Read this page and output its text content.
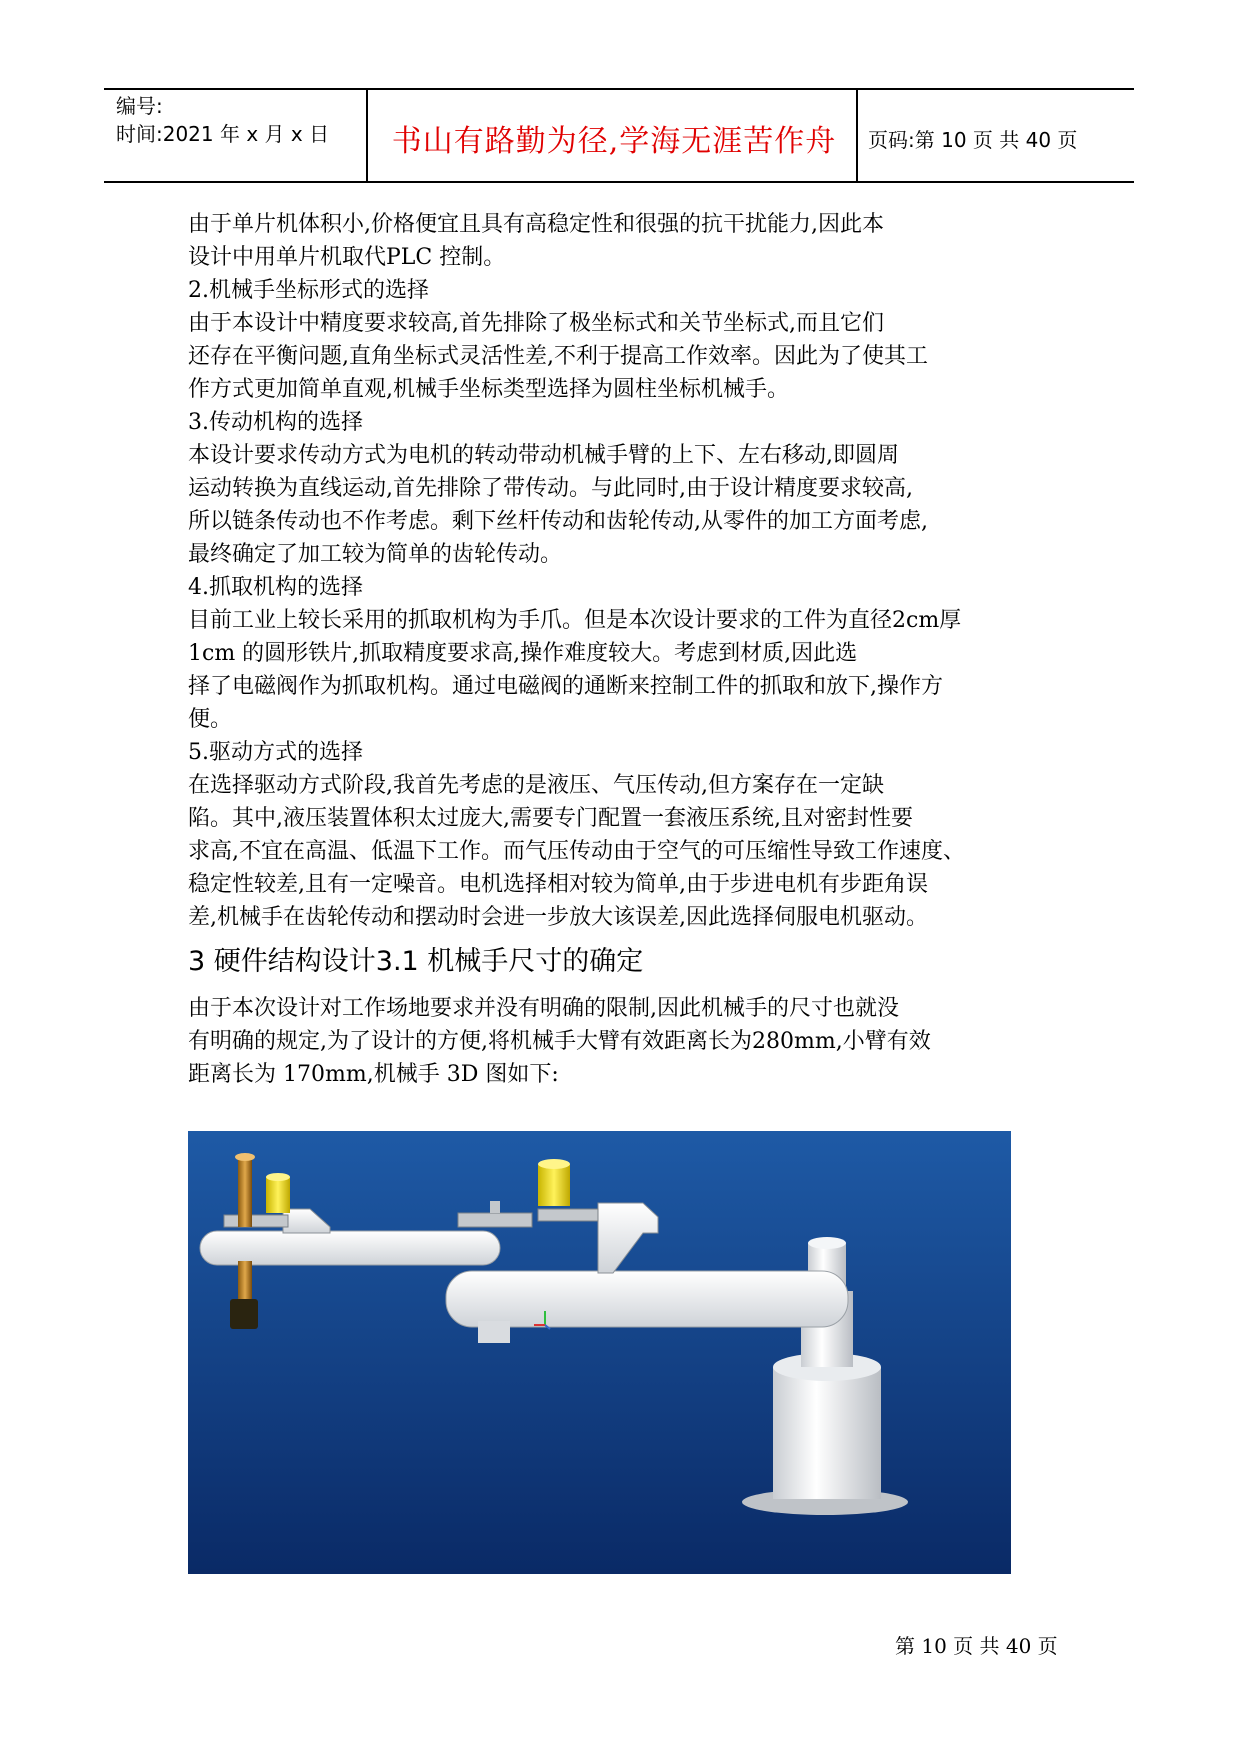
编号:
时间:2021 年 x 月 x 日	书山有路勤为径,学海无涯苦作舟	页码:第 10 页 共 40 页

由于单片机体积小,价格便宜且具有高稳定性和很强的抗干扰能力,因此本

设计中用单片机取代PLC 控制。

2.机械手坐标形式的选择

由于本设计中精度要求较高,首先排除了极坐标式和关节坐标式,而且它们

还存在平衡问题,直角坐标式灵活性差,不利于提高工作效率。因此为了使其工

作方式更加简单直观,机械手坐标类型选择为圆柱坐标机械手。

3.传动机构的选择

本设计要求传动方式为电机的转动带动机械手臂的上下、左右移动,即圆周

运动转换为直线运动,首先排除了带传动。与此同时,由于设计精度要求较高,

所以链条传动也不作考虑。剩下丝杆传动和齿轮传动,从零件的加工方面考虑,

最终确定了加工较为简单的齿轮传动。

4.抓取机构的选择

目前工业上较长采用的抓取机构为手爪。但是本次设计要求的工件为直径2cm厚

1cm 的圆形铁片,抓取精度要求高,操作难度较大。考虑到材质,因此选

择了电磁阀作为抓取机构。通过电磁阀的通断来控制工件的抓取和放下,操作方

便。

5.驱动方式的选择

在选择驱动方式阶段,我首先考虑的是液压、气压传动,但方案存在一定缺

陷。其中,液压装置体积太过庞大,需要专门配置一套液压系统,且对密封性要

求高,不宜在高温、低温下工作。而气压传动由于空气的可压缩性导致工作速度、

稳定性较差,且有一定噪音。电机选择相对较为简单,由于步进电机有步距角误

差,机械手在齿轮传动和摆动时会进一步放大该误差,因此选择伺服电机驱动。

3 硬件结构设计3.1 机械手尺寸的确定

由于本次设计对工作场地要求并没有明确的限制,因此机械手的尺寸也就没

有明确的规定,为了设计的方便,将机械手大臂有效距离长为280mm,小臂有效

距离长为 170mm,机械手 3D 图如下:

第 10 页 共 40 页
